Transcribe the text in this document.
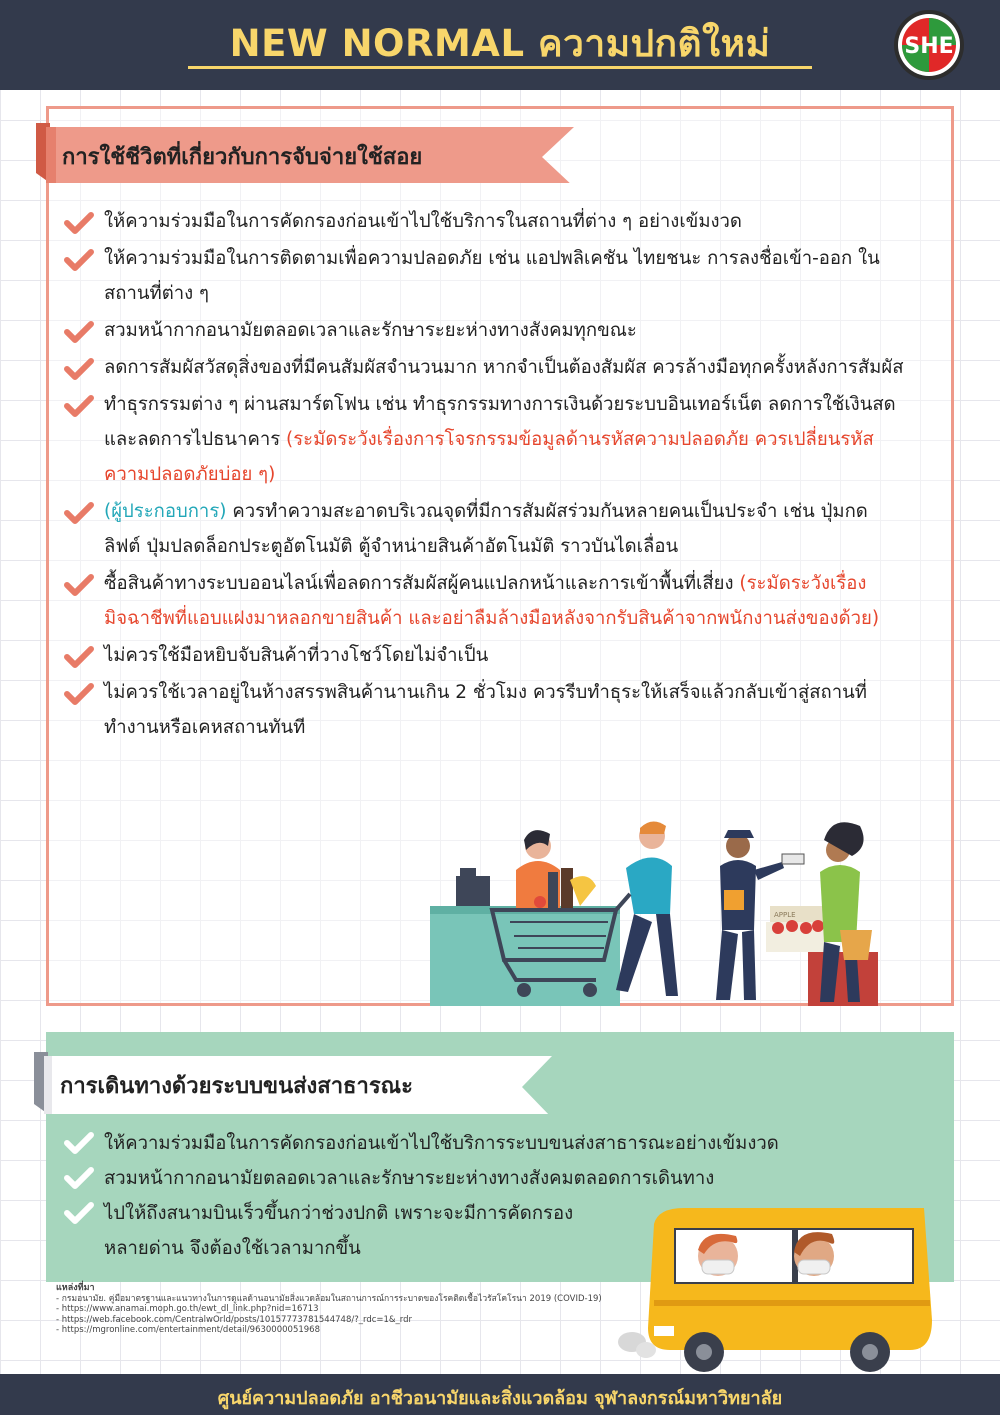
NEW NORMAL ความปกติใหม่	SHE
การใช้ชีวิตที่เกี่ยวกับการจับจ่ายใช้สอย
ให้ความร่วมมือในการคัดกรองก่อนเข้าไปใช้บริการในสถานที่ต่าง ๆ อย่างเข้มงวด
ให้ความร่วมมือในการติดตามเพื่อความปลอดภัย เช่น แอปพลิเคชัน ไทยชนะ การลงชื่อเข้า-ออก ในสถานที่ต่าง ๆ
สวมหน้ากากอนามัยตลอดเวลาและรักษาระยะห่างทางสังคมทุกขณะ
ลดการสัมผัสวัสดุสิ่งของที่มีคนสัมผัสจำนวนมาก หากจำเป็นต้องสัมผัส ควรล้างมือทุกครั้งหลังการสัมผัส
ทำธุรกรรมต่าง ๆ ผ่านสมาร์ตโฟน เช่น ทำธุรกรรมทางการเงินด้วยระบบอินเทอร์เน็ต ลดการใช้เงินสดและลดการไปธนาคาร (ระมัดระวังเรื่องการโจรกรรมข้อมูลด้านรหัสความปลอดภัย ควรเปลี่ยนรหัสความปลอดภัยบ่อย ๆ)
(ผู้ประกอบการ) ควรทำความสะอาดบริเวณจุดที่มีการสัมผัสร่วมกันหลายคนเป็นประจำ เช่น ปุ่มกดลิฟต์ ปุ่มปลดล็อกประตูอัตโนมัติ ตู้จำหน่ายสินค้าอัตโนมัติ ราวบันไดเลื่อน
ซื้อสินค้าทางระบบออนไลน์เพื่อลดการสัมผัสผู้คนแปลกหน้าและการเข้าพื้นที่เสี่ยง (ระมัดระวังเรื่องมิจฉาชีพที่แอบแฝงมาหลอกขายสินค้า และอย่าลืมล้างมือหลังจากรับสินค้าจากพนักงานส่งของด้วย)
ไม่ควรใช้มือหยิบจับสินค้าที่วางโชว์โดยไม่จำเป็น
ไม่ควรใช้เวลาอยู่ในห้างสรรพสินค้านานเกิน 2 ชั่วโมง ควรรีบทำธุระให้เสร็จแล้วกลับเข้าสู่สถานที่ทำงานหรือเคหสถานทันที
APPLE
การเดินทางด้วยระบบขนส่งสาธารณะ
ให้ความร่วมมือในการคัดกรองก่อนเข้าไปใช้บริการระบบขนส่งสาธารณะอย่างเข้มงวด
สวมหน้ากากอนามัยตลอดเวลาและรักษาระยะห่างทางสังคมตลอดการเดินทาง
ไปให้ถึงสนามบินเร็วขึ้นกว่าช่วงปกติ เพราะจะมีการคัดกรองหลายด่าน จึงต้องใช้เวลามากขึ้น
แหล่งที่มา
- กรมอนามัย. คู่มือมาตรฐานและแนวทางในการดูแลด้านอนามัยสิ่งแวดล้อมในสถานการณ์การระบาดของโรคติดเชื้อไวรัสโคโรนา 2019 (COVID-19)
- https://www.anamai.moph.go.th/ewt_dl_link.php?nid=16713
- https://web.facebook.com/CentralwOrld/posts/10157773781544748/?_rdc=1&_rdr
- https://mgronline.com/entertainment/detail/9630000051968
ศูนย์ความปลอดภัย อาชีวอนามัยและสิ่งแวดล้อม จุฬาลงกรณ์มหาวิทยาลัย
